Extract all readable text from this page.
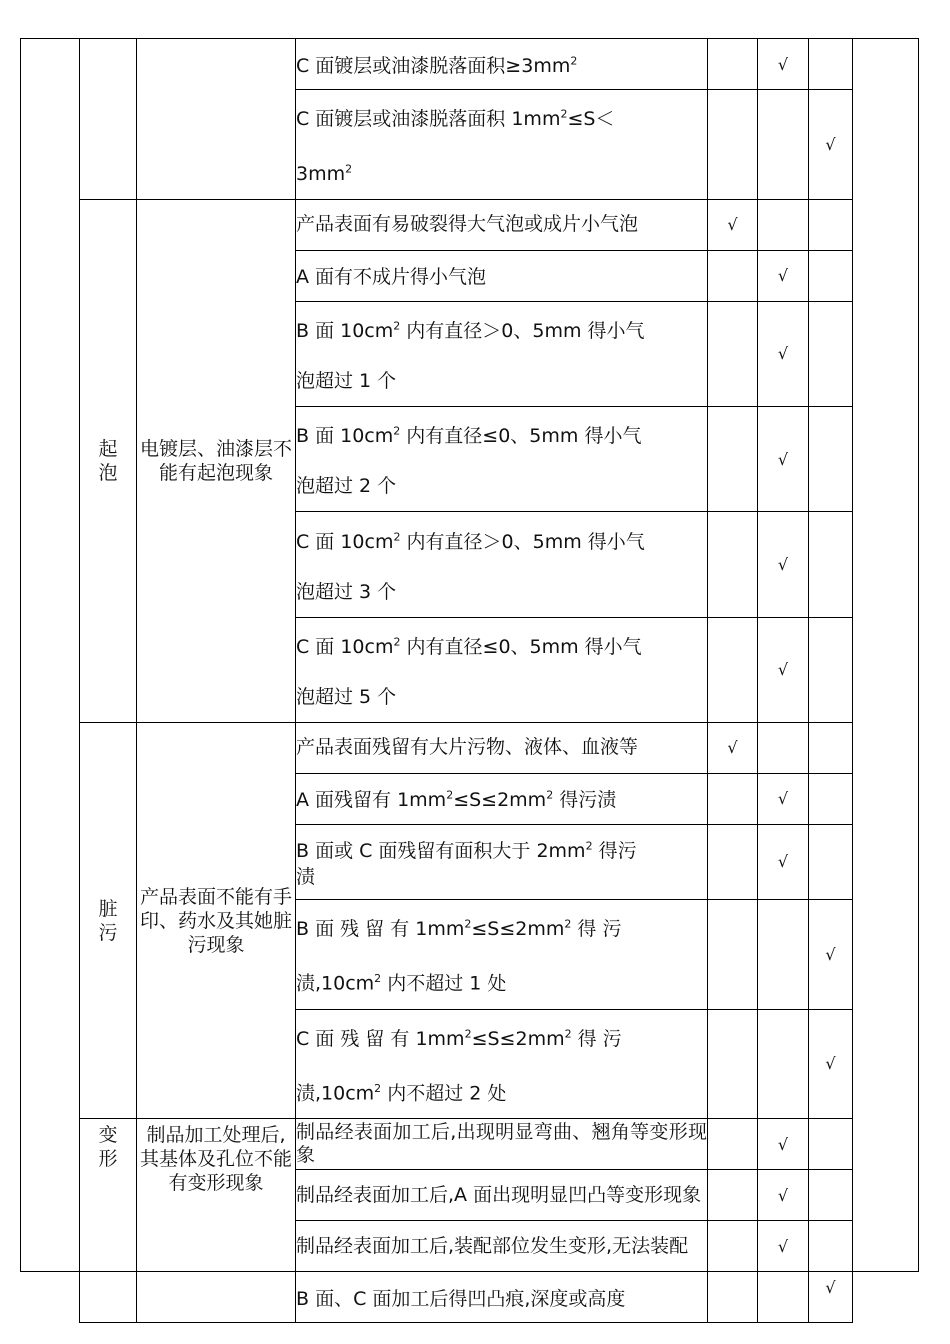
		C 面镀层或油漆脱落面积$\ge 3mm^2$		√	
		C 面镀层或油漆脱落面积 $1mm^2\le S<$
$3mm^2$			√
起泡	电镀层、油漆层不能有起泡现象	产品表面有易破裂得大气泡或成片小气泡	√		
		A 面有不成片得小气泡		√	
		B 面 $10cm^2$ 内有直径＞0、5mm 得小气
泡超过 1 个		√	
		B 面 $10cm^2$ 内有直径≤0、5mm 得小气
泡超过 2 个		√	
		C 面 $10cm^2$ 内有直径＞0、5mm 得小气
泡超过 3 个		√	
		C 面 $10cm^2$ 内有直径≤0、5mm 得小气
泡超过 5 个		√	
脏污	产品表面不能有手印、药水及其她脏污现象	产品表面残留有大片污物、液体、血液等	√		
		A 面残留有 $1mm^2\le S\le 2mm^2$ 得污渍		√	
		B 面或 C 面残留有面积大于 $2mm^2$ 得污
渍		√	
		B 面 残 留 有 $1mm^2\le S\le 2mm^2$ 得 污
渍$,10cm^2$ 内不超过 1 处			√
		C 面 残 留 有 $1mm^2\le S\le 2mm^2$ 得 污
渍$,10cm^2$ 内不超过 2 处			√
变形	制品加工处理后,其基体及孔位不能有变形现象	制品经表面加工后,出现明显弯曲、翘角等变形现象		√	
		制品经表面加工后,A 面出现明显凹凸等变形现象		√	
		制品经表面加工后,装配部位发生变形,无法装配		√	
		B 面、C 面加工后得凹凸痕,深度或高度			√
